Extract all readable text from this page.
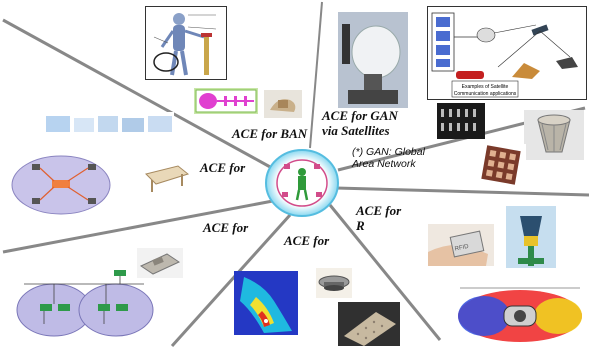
Examples of Satellite
Communication applications
RFID
ACE for BAN
ACE for GAN via Satellites
(*) GAN: Global
Area Network
ACE for
ACE for
ACE for
ACE for R
